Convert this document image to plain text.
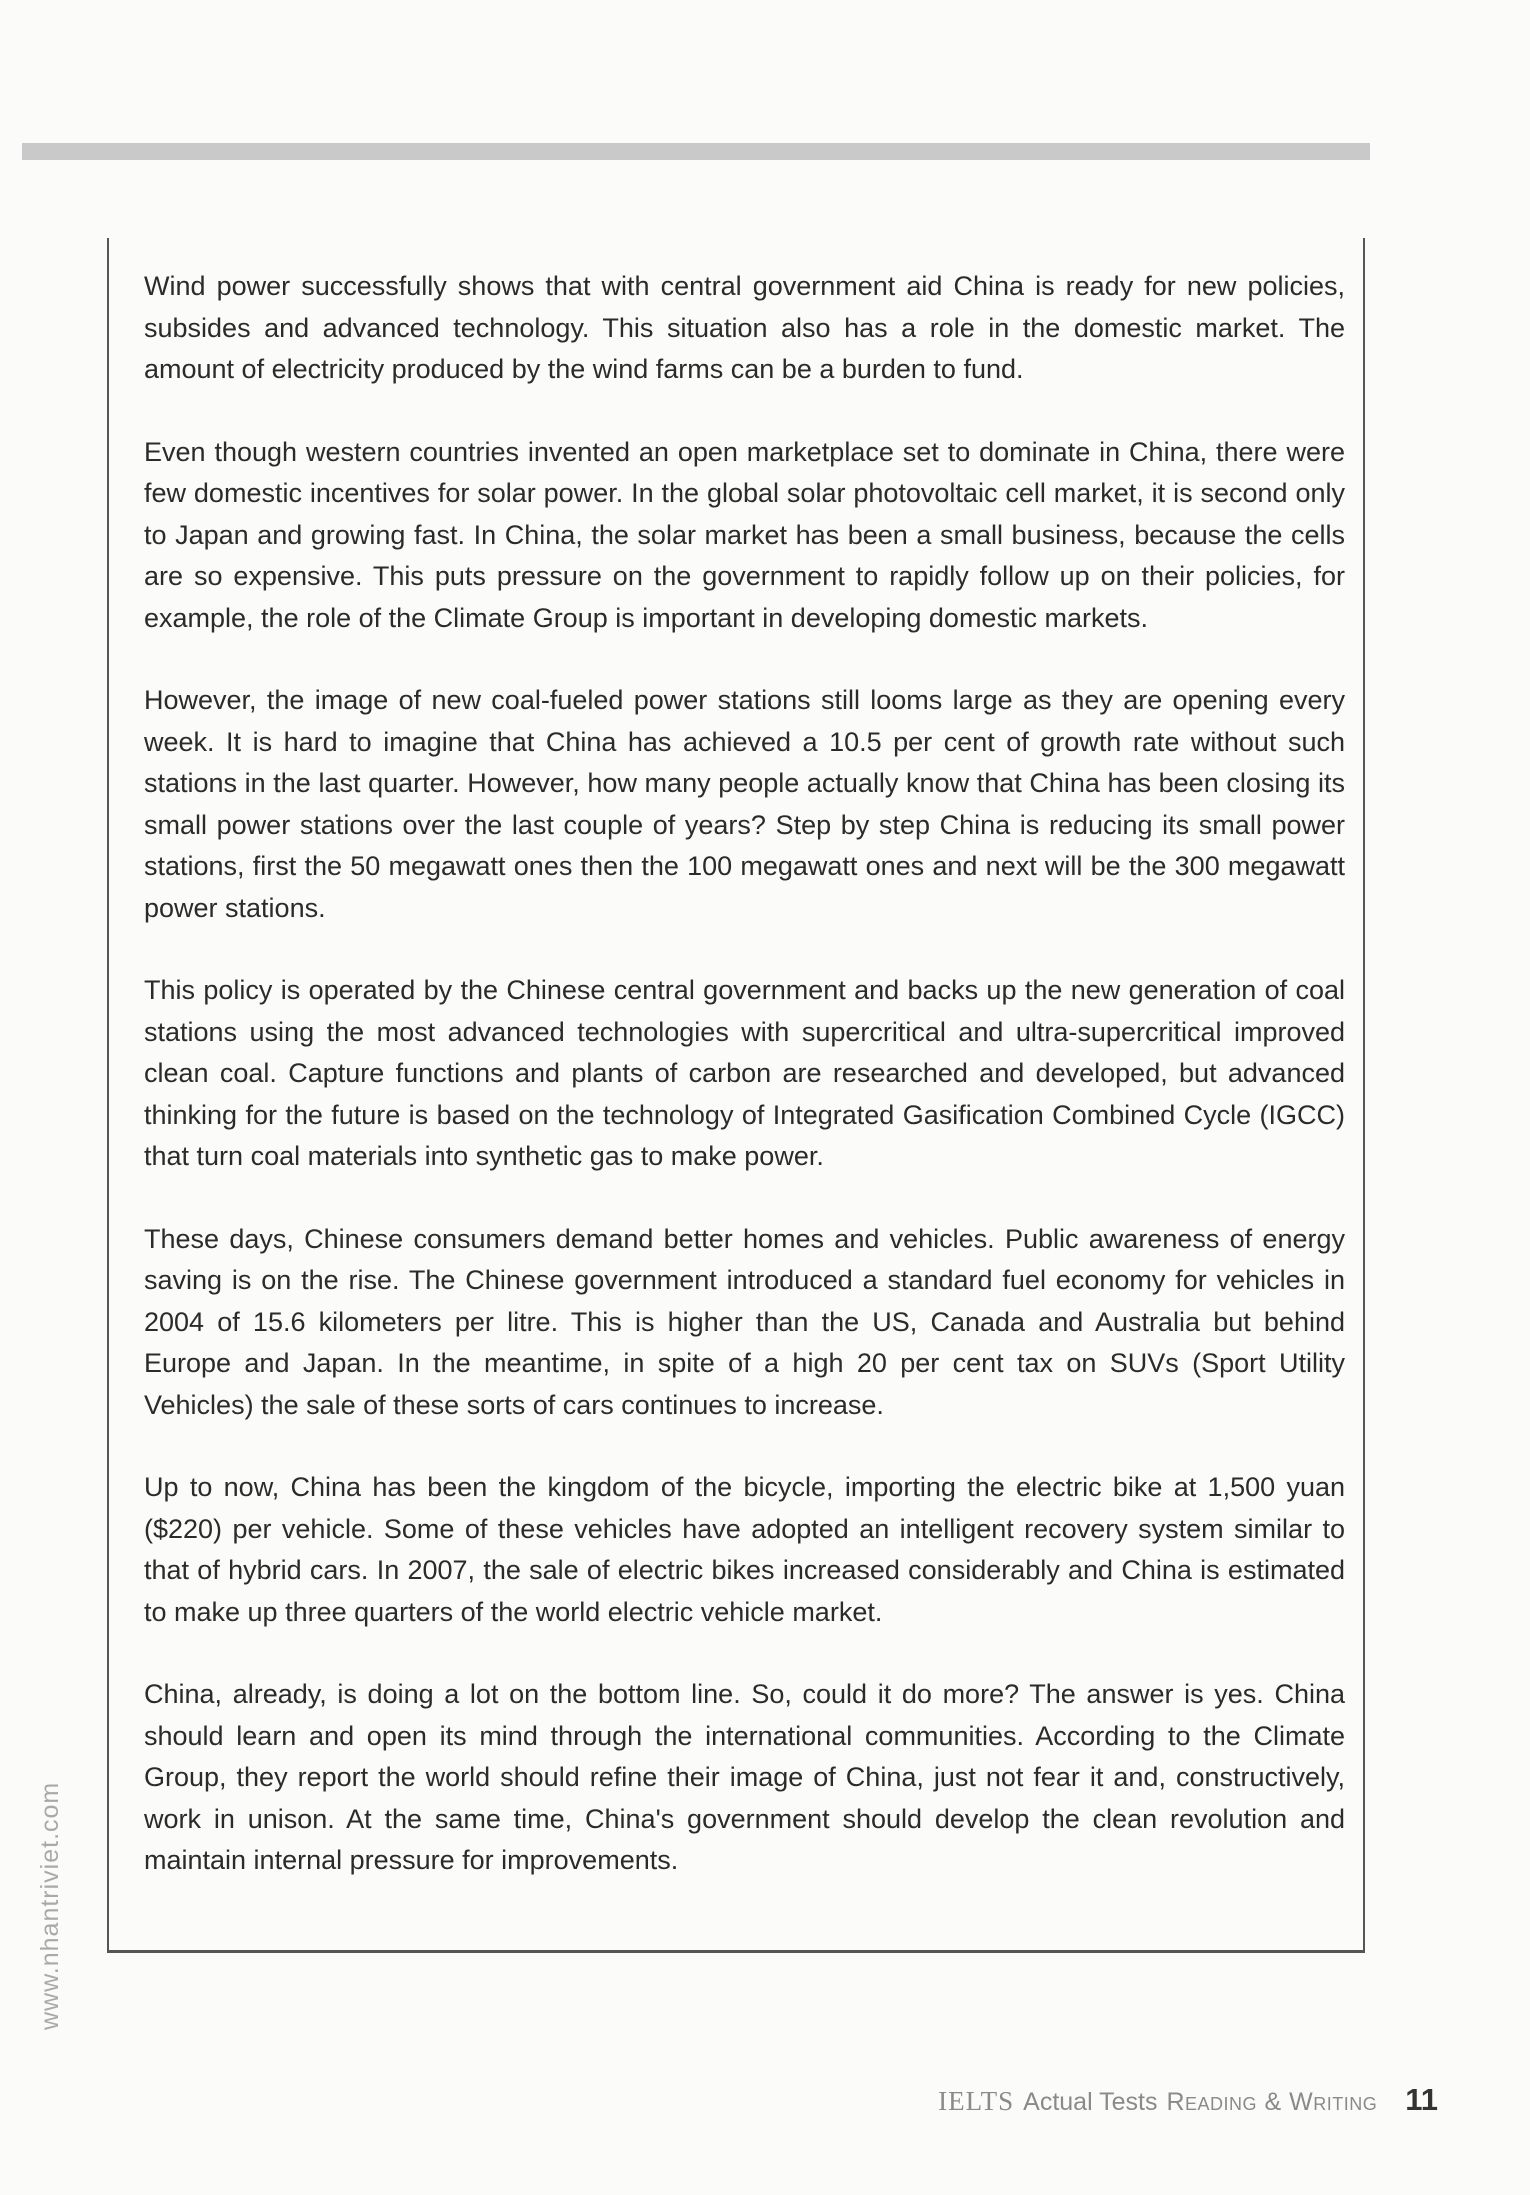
Wind power successfully shows that with central government aid China is ready for new policies, subsides and advanced technology. This situation also has a role in the domestic market. The amount of electricity produced by the wind farms can be a burden to fund.

Even though western countries invented an open marketplace set to dominate in China, there were few domestic incentives for solar power. In the global solar photovoltaic cell market, it is second only to Japan and growing fast. In China, the solar market has been a small business, because the cells are so expensive. This puts pressure on the government to rapidly follow up on their policies, for example, the role of the Climate Group is important in developing domestic markets.

However, the image of new coal-fueled power stations still looms large as they are opening every week. It is hard to imagine that China has achieved a 10.5 per cent of growth rate without such stations in the last quarter. However, how many people actually know that China has been closing its small power stations over the last couple of years? Step by step China is reducing its small power stations, first the 50 megawatt ones then the 100 megawatt ones and next will be the 300 megawatt power stations.

This policy is operated by the Chinese central government and backs up the new generation of coal stations using the most advanced technologies with supercritical and ultra-supercritical improved clean coal. Capture functions and plants of carbon are researched and developed, but advanced thinking for the future is based on the technology of Integrated Gasification Combined Cycle (IGCC) that turn coal materials into synthetic gas to make power.

These days, Chinese consumers demand better homes and vehicles. Public awareness of energy saving is on the rise. The Chinese government introduced a standard fuel economy for vehicles in 2004 of 15.6 kilometers per litre. This is higher than the US, Canada and Australia but behind Europe and Japan. In the meantime, in spite of a high 20 per cent tax on SUVs (Sport Utility Vehicles) the sale of these sorts of cars continues to increase.

Up to now, China has been the kingdom of the bicycle, importing the electric bike at 1,500 yuan ($220) per vehicle. Some of these vehicles have adopted an intelligent recovery system similar to that of hybrid cars. In 2007, the sale of electric bikes increased considerably and China is estimated to make up three quarters of the world electric vehicle market.

China, already, is doing a lot on the bottom line. So, could it do more? The answer is yes. China should learn and open its mind through the international communities. According to the Climate Group, they report the world should refine their image of China, just not fear it and, constructively, work in unison. At the same time, China's government should develop the clean revolution and maintain internal pressure for improvements.

www.nhantriviet.com
IELTS Actual Tests Reading & Writing 11
